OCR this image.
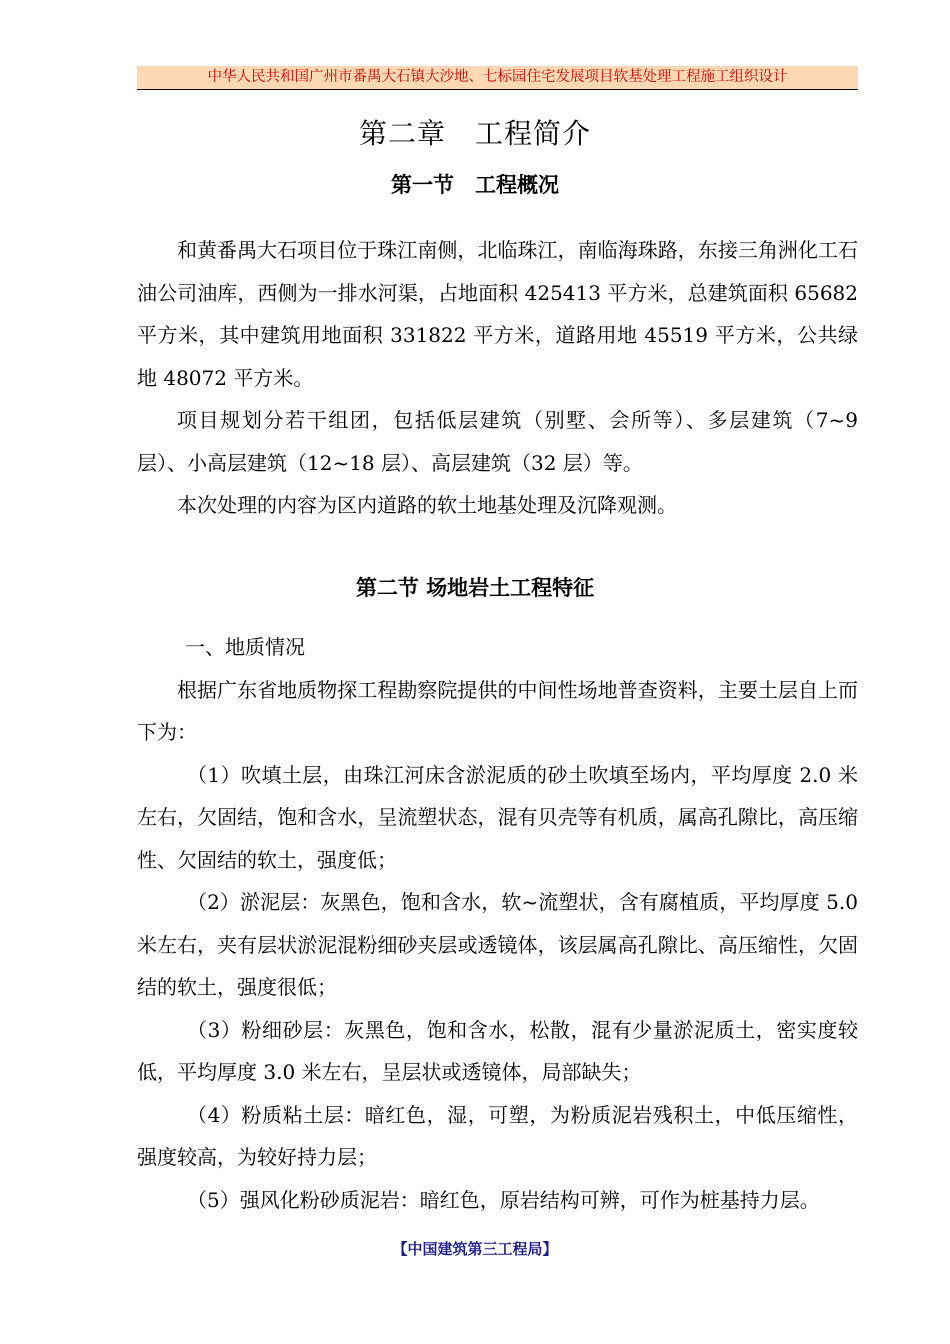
中华人民共和国广州市番禺大石镇大沙地、七标园住宅发展项目软基处理工程施工组织设计
第二章　工程简介
第一节　工程概况

和黄番禺大石项目位于珠江南侧，北临珠江，南临海珠路，东接三角洲化工石油公司油库，西侧为一排水河渠，占地面积 425413 平方米，总建筑面积 65682 平方米，其中建筑用地面积 331822 平方米，道路用地 45519 平方米，公共绿地 48072 平方米。

项目规划分若干组团，包括低层建筑（别墅、会所等）、多层建筑（7~9 层）、小高层建筑（12~18 层）、高层建筑（32 层）等。

本次处理的内容为区内道路的软土地基处理及沉降观测。

第二节 场地岩土工程特征

一、地质情况

根据广东省地质物探工程勘察院提供的中间性场地普查资料，主要土层自上而下为：

（1）吹填土层，由珠江河床含淤泥质的砂土吹填至场内，平均厚度 2.0 米左右，欠固结，饱和含水，呈流塑状态，混有贝壳等有机质，属高孔隙比，高压缩性、欠固结的软土，强度低；

（2）淤泥层：灰黑色，饱和含水，软~流塑状，含有腐植质，平均厚度 5.0 米左右，夹有层状淤泥混粉细砂夹层或透镜体，该层属高孔隙比、高压缩性，欠固结的软土，强度很低；

（3）粉细砂层：灰黑色，饱和含水，松散，混有少量淤泥质土，密实度较低，平均厚度 3.0 米左右，呈层状或透镜体，局部缺失；

（4）粉质粘土层：暗红色，湿，可塑，为粉质泥岩残积土，中低压缩性，强度较高，为较好持力层；

（5）强风化粉砂质泥岩：暗红色，原岩结构可辨，可作为桩基持力层。

【中国建筑第三工程局】
